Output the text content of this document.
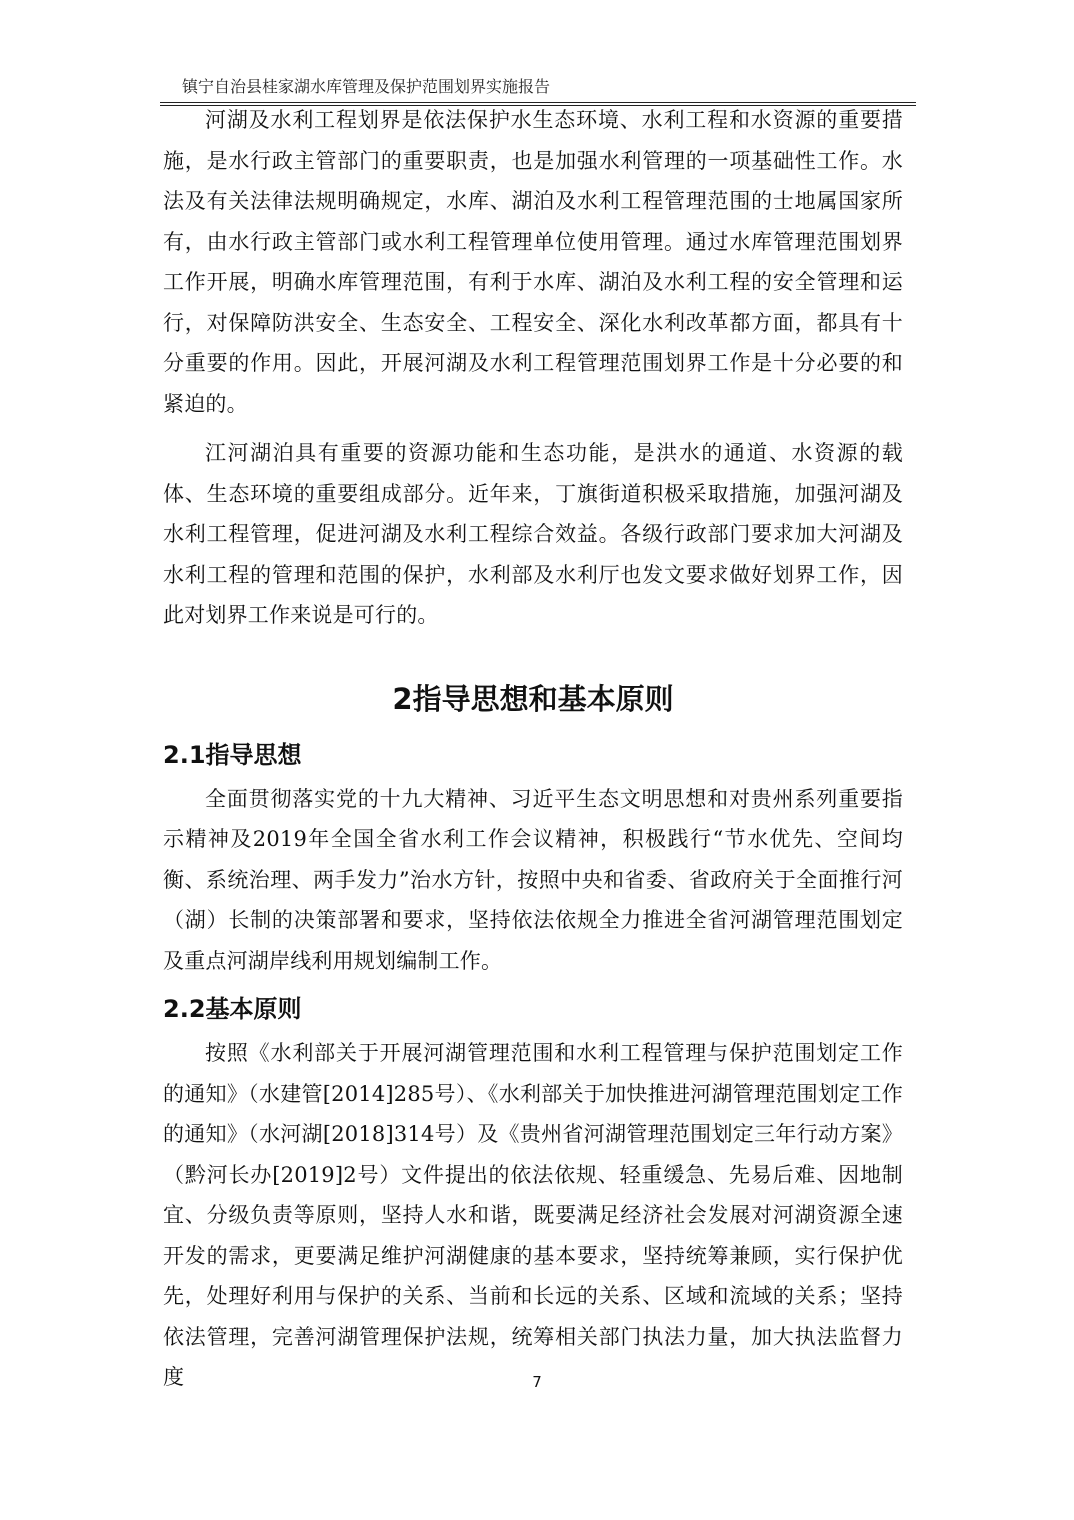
镇宁自治县桂家湖水库管理及保护范围划界实施报告

河湖及水利工程划界是依法保护水生态环境、水利工程和水资源的重要措施，是水行政主管部门的重要职责，也是加强水利管理的一项基础性工作。水法及有关法律法规明确规定，水库、湖泊及水利工程管理范围的士地属国家所有，由水行政主管部门或水利工程管理单位使用管理。通过水库管理范围划界工作开展，明确水库管理范围，有利于水库、湖泊及水利工程的安全管理和运行，对保障防洪安全、生态安全、工程安全、深化水利改革都方面，都具有十分重要的作用。因此，开展河湖及水利工程管理范围划界工作是十分必要的和紧迫的。

江河湖泊具有重要的资源功能和生态功能，是洪水的通道、水资源的载体、生态环境的重要组成部分。近年来，丁旗街道积极采取措施，加强河湖及水利工程管理，促进河湖及水利工程综合效益。各级行政部门要求加大河湖及水利工程的管理和范围的保护，水利部及水利厅也发文要求做好划界工作，因此对划界工作来说是可行的。

2指导思想和基本原则
2.1指导思想

全面贯彻落实党的十九大精神、习近平生态文明思想和对贵州系列重要指示精神及2019年全国全省水利工作会议精神，积极践行“节水优先、空间均衡、系统治理、两手发力”治水方针，按照中央和省委、省政府关于全面推行河（湖）长制的决策部署和要求，坚持依法依规全力推进全省河湖管理范围划定及重点河湖岸线利用规划编制工作。

2.2基本原则

按照《水利部关于开展河湖管理范围和水利工程管理与保护范围划定工作的通知》（水建管[2014]285号）、《水利部关于加快推进河湖管理范围划定工作的通知》（水河湖[2018]314号）及《贵州省河湖管理范围划定三年行动方案》（黔河长办[2019]2号）文件提出的依法依规、轻重缓急、先易后难、因地制宜、分级负责等原则，坚持人水和谐，既要满足经济社会发展对河湖资源全速开发的需求，更要满足维护河湖健康的基本要求，坚持统筹兼顾，实行保护优先，处理好利用与保护的关系、当前和长远的关系、区域和流域的关系；坚持依法管理，完善河湖管理保护法规，统筹相关部门执法力量，加大执法监督力度	7
